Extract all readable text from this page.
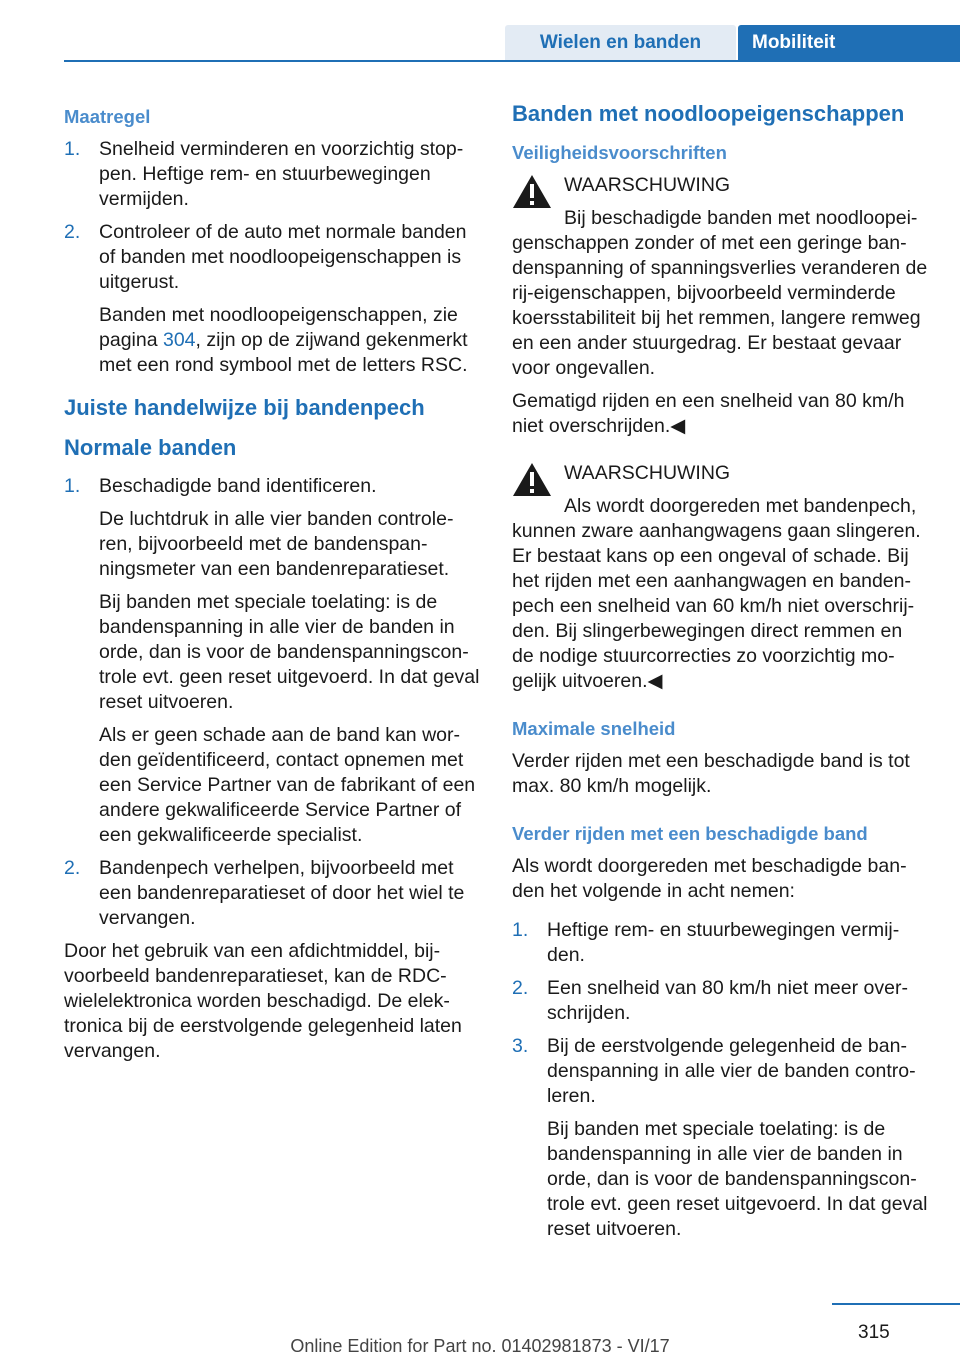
Wielen en banden	Mobiliteit
Maatregel
1. Snelheid verminderen en voorzichtig stoppen. Heftige rem- en stuurbewegingen vermijden.
2. Controleer of de auto met normale banden of banden met noodloopeigenschappen is uitgerust.

Banden met noodloopeigenschappen, zie pagina 304, zijn op de zijwand gekenmerkt met een rond symbool met de letters RSC.

Juiste handelwijze bij bandenpech
Normale banden
1. Beschadigde band identificeren.

De luchtdruk in alle vier banden controleren, bijvoorbeeld met de bandenspanningsmeter van een bandenreparatieset.

Bij banden met speciale toelating: is de bandenspanning in alle vier de banden in orde, dan is voor de bandenspanningscontrole evt. geen reset uitgevoerd. In dat geval reset uitvoeren.

Als er geen schade aan de band kan worden geïdentificeerd, contact opnemen met een Service Partner van de fabrikant of een andere gekwalificeerde Service Partner of een gekwalificeerde specialist.

2. Bandenpech verhelpen, bijvoorbeeld met een bandenreparatieset of door het wiel te vervangen.

Door het gebruik van een afdichtmiddel, bijvoorbeeld bandenreparatieset, kan de RDC-wielelektronica worden beschadigd. De elektronica bij de eerstvolgende gelegenheid laten vervangen.

Banden met noodloopeigenschappen
Veiligheidsvoorschriften
WAARSCHUWING
Bij beschadigde banden met noodloopei-

genschappen zonder of met een geringe bandenspanning of spanningsverlies veranderen de rij-eigenschappen, bijvoorbeeld verminderde koersstabiliteit bij het remmen, langere remweg en een ander stuurgedrag. Er bestaat gevaar voor ongevallen.

Gematigd rijden en een snelheid van 80 km/h niet overschrijden.◀

WAARSCHUWING
Als wordt doorgereden met bandenpech,

kunnen zware aanhangwagens gaan slingeren. Er bestaat kans op een ongeval of schade. Bij het rijden met een aanhangwagen en bandenpech een snelheid van 60 km/h niet overschrijden. Bij slingerbewegingen direct remmen en de nodige stuurcorrecties zo voorzichtig mogelijk uitvoeren.◀

Maximale snelheid

Verder rijden met een beschadigde band is tot max. 80 km/h mogelijk.

Verder rijden met een beschadigde band

Als wordt doorgereden met beschadigde banden het volgende in acht nemen:

1. Heftige rem- en stuurbewegingen vermijden.
2. Een snelheid van 80 km/h niet meer overschrijden.
3. Bij de eerstvolgende gelegenheid de bandenspanning in alle vier de banden controleren.

Bij banden met speciale toelating: is de bandenspanning in alle vier de banden in orde, dan is voor de bandenspanningscontrole evt. geen reset uitgevoerd. In dat geval reset uitvoeren.

315
Online Edition for Part no. 01402981873 - VI/17
